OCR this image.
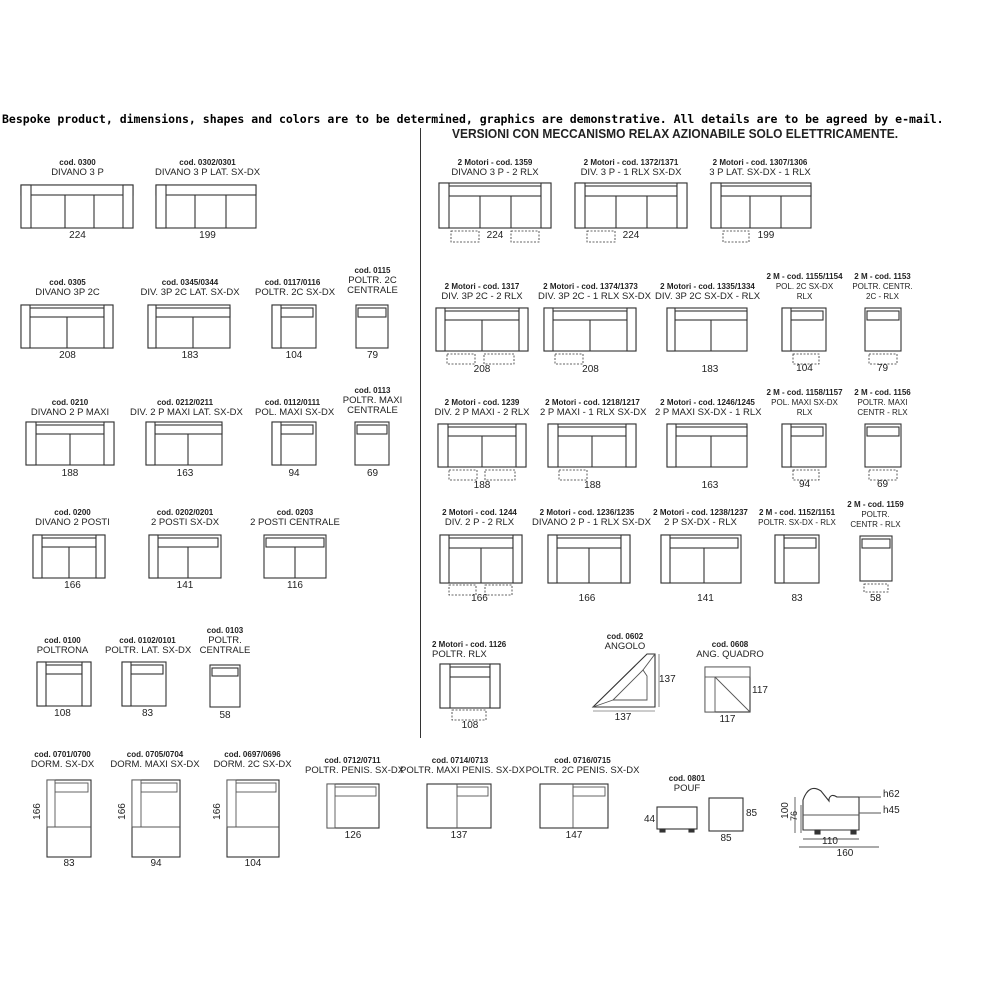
Bespoke product, dimensions, shapes and colors are to be determined, graphics are demonstrative. All details are to be agreed by e-mail.
VERSIONI CON MECCANISMO RELAX AZIONABILE SOLO ELETTRICAMENTE.
cod. 0300
DIVANO 3 P
224
cod. 0302/0301
DIVANO 3 P LAT. SX-DX
199
cod. 0305
DIVANO 3P 2C
208
cod. 0345/0344
DIV. 3P 2C LAT. SX-DX
183
cod. 0117/0116
POLTR. 2C SX-DX
104
cod. 0115
POLTR. 2C
CENTRALE
79
cod. 0210
DIVANO 2 P MAXI
188
cod. 0212/0211
DIV. 2 P MAXI LAT. SX-DX
163
cod. 0112/0111
POL. MAXI SX-DX
94
cod. 0113
POLTR. MAXI
CENTRALE
69
cod. 0200
DIVANO 2 POSTI
166
cod. 0202/0201
2 POSTI SX-DX
141
cod. 0203
2 POSTI CENTRALE
116
cod. 0100
POLTRONA
108
cod. 0102/0101
POLTR. LAT. SX-DX
83
cod. 0103
POLTR.
CENTRALE
58
2 Motori - cod. 1359
DIVANO 3 P - 2 RLX
224
2 Motori - cod. 1372/1371
DIV. 3 P - 1 RLX SX-DX
224
2 Motori - cod. 1307/1306
3 P LAT. SX-DX - 1 RLX
199
2 Motori - cod. 1317
DIV. 3P 2C - 2 RLX
208
2 Motori - cod. 1374/1373
DIV. 3P 2C - 1 RLX SX-DX
208
2 Motori - cod. 1335/1334
DIV. 3P 2C SX-DX - RLX
183
2 M - cod. 1155/1154
POL. 2C SX-DX
RLX
104
2 M - cod. 1153
POLTR. CENTR.
2C - RLX
79
2 Motori - cod. 1239
DIV. 2 P MAXI - 2 RLX
188
2 Motori - cod. 1218/1217
2 P MAXI - 1 RLX SX-DX
188
2 Motori - cod. 1246/1245
2 P MAXI SX-DX - 1 RLX
163
2 M - cod. 1158/1157
POL. MAXI SX-DX
RLX
94
2 M - cod. 1156
POLTR. MAXI
CENTR - RLX
69
2 Motori - cod. 1244
DIV. 2 P - 2 RLX
166
2 Motori - cod. 1236/1235
DIVANO 2 P - 1 RLX SX-DX
166
2 Motori - cod. 1238/1237
2 P SX-DX - RLX
141
2 M - cod. 1152/1151
POLTR. SX-DX - RLX
83
2 M - cod. 1159
POLTR.
CENTR - RLX
58
2 Motori - cod. 1126
POLTR. RLX
108
cod. 0602
ANGOLO
137
137
cod. 0608
ANG. QUADRO
117
117
cod. 0701/0700
DORM. SX-DX
166
83
cod. 0705/0704
DORM. MAXI SX-DX
166
94
cod. 0697/0696
DORM. 2C SX-DX
166
104
cod. 0712/0711
POLTR. PENIS. SX-DX
126
cod. 0714/0713
POLTR. MAXI PENIS. SX-DX
137
cod. 0716/0715
POLTR. 2C PENIS. SX-DX
147
cod. 0801
POUF
44
85
85
100
76
h62
h45
110
160
